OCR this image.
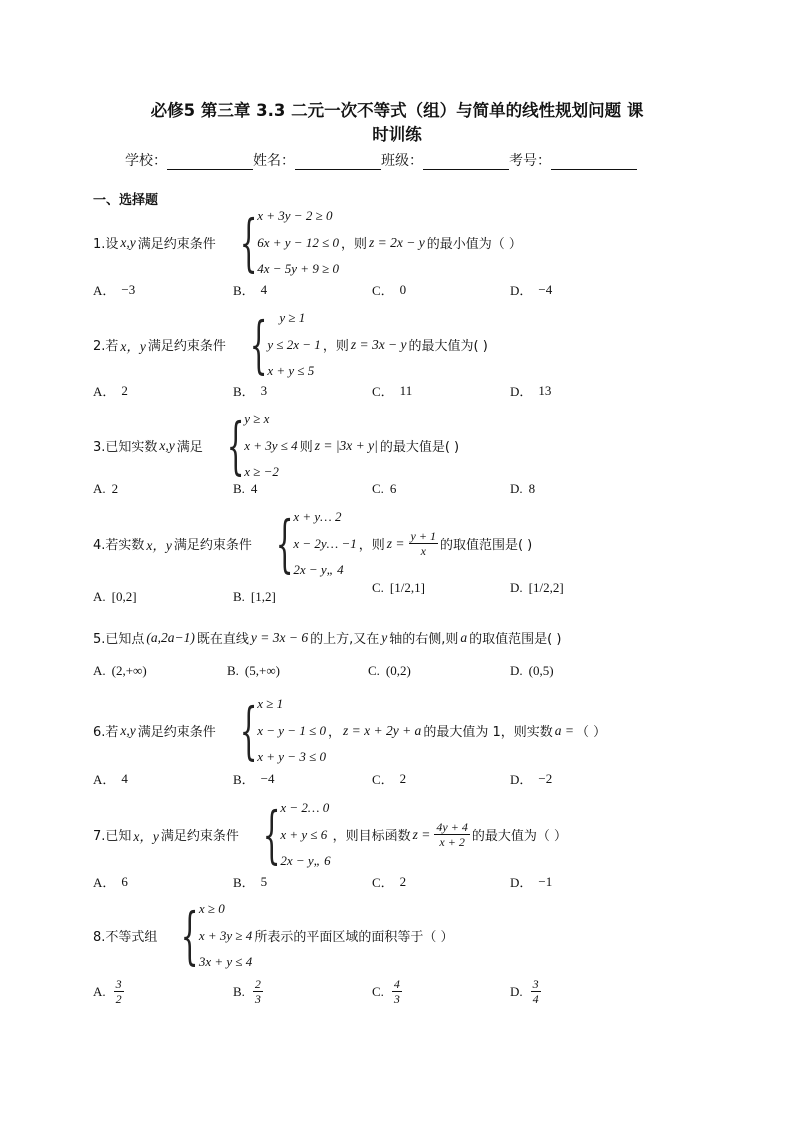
必修5 第三章 3.3 二元一次不等式（组）与简单的线性规划问题 课
时训练
学校：	姓名：	班级：	考号：
一、选择题
1.设 x,y 满足约束条件 { x + 3y − 2 ≥ 0
6x + y − 12 ≤ 0
4x − 5y + 9 ≥ 0
，则 z = 2x − y 的最小值为（ ）
A． −3	B． 4	C． 0	D． −4
2.若 x，y 满足约束条件 { y ≥ 1
y ≤ 2x − 1
x + y ≤ 5
，则 z = 3x − y 的最大值为( )
A． 2	B． 3	C． 11	D． 13
3.已知实数 x,y 满足 { y ≥ x
x + 3y ≤ 4
x ≥ −2
则 z = |3x + y| 的最大值是( )
A. 2	B. 4	C. 6	D. 8
4.若实数 x，y 满足约束条件 { x + y… 2
x − 2y… −1
2x − y„ 4
，则 $z = \frac{y + 1}{x}$ 的取值范围是( )
A. [0,2]	B. [1,2]
C. [1/2,1]	D. [1/2,2]
5.已知点 (a,2a−1) 既在直线 y = 3x − 6 的上方,又在 y 轴的右侧,则 a 的取值范围是( )
A. (2,+∞)	B. (5,+∞)	C. (0,2)	D. (0,5)
6.若 x,y 满足约束条件 { x ≥ 1
x − y − 1 ≤ 0
x + y − 3 ≤ 0
， z = x + 2y + a 的最大值为 1，则实数 a = （ ）
A． 4	B． −4	C． 2	D． −2
7.已知 x，y 满足约束条件 { x − 2… 0
x + y ≤ 6
2x − y„ 6
，则目标函数 $z = \frac{4y + 4}{x + 2}$ 的最大值为（ ）
A． 6	B． 5	C． 2	D． −1
8.不等式组 { x ≥ 0
x + 3y ≥ 4
3x + y ≤ 4
所表示的平面区域的面积等于（ ）
A. $\frac{3}{2}$	B. $\frac{2}{3}$	C. $\frac{4}{3}$	D. $\frac{3}{4}$
